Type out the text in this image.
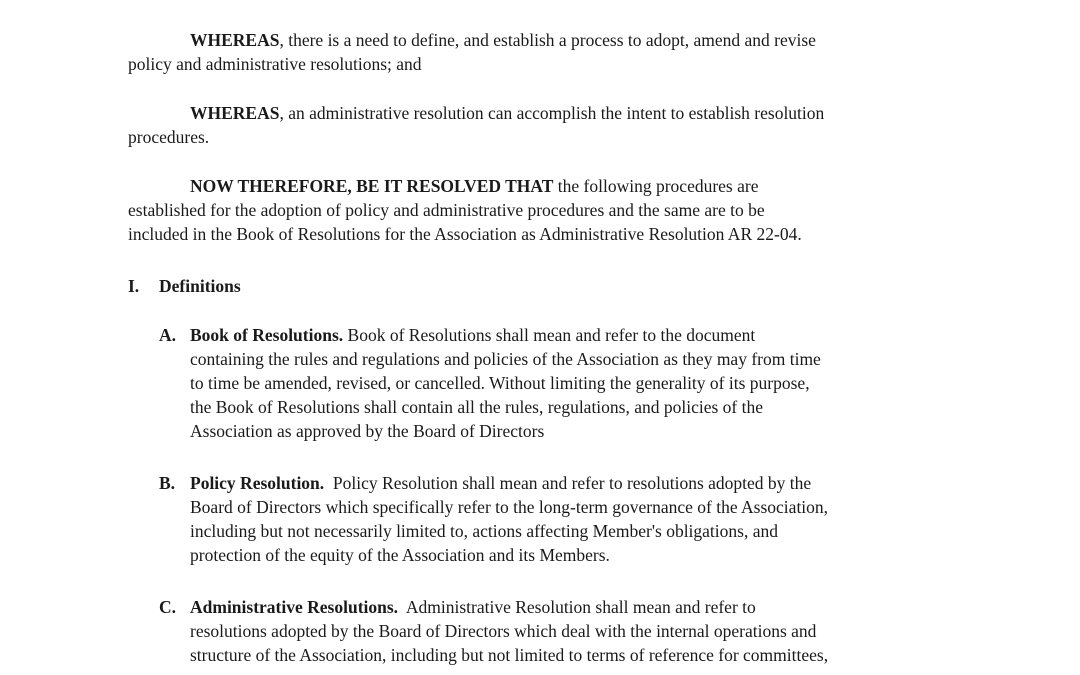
WHEREAS, there is a need to define, and establish a process to adopt, amend and revise
policy and administrative resolutions; and
WHEREAS, an administrative resolution can accomplish the intent to establish resolution
procedures.
NOW THEREFORE, BE IT RESOLVED THAT the following procedures are
established for the adoption of policy and administrative procedures and the same are to be
included in the Book of Resolutions for the Association as Administrative Resolution AR 22-04.
I. Definitions
A. Book of Resolutions. Book of Resolutions shall mean and refer to the document
containing the rules and regulations and policies of the Association as they may from time
to time be amended, revised, or cancelled. Without limiting the generality of its purpose,
the Book of Resolutions shall contain all the rules, regulations, and policies of the
Association as approved by the Board of Directors
B. Policy Resolution.  Policy Resolution shall mean and refer to resolutions adopted by the
Board of Directors which specifically refer to the long-term governance of the Association,
including but not necessarily limited to, actions affecting Member's obligations, and
protection of the equity of the Association and its Members.
C. Administrative Resolutions.  Administrative Resolution shall mean and refer to
resolutions adopted by the Board of Directors which deal with the internal operations and
structure of the Association, including but not limited to terms of reference for committees,
